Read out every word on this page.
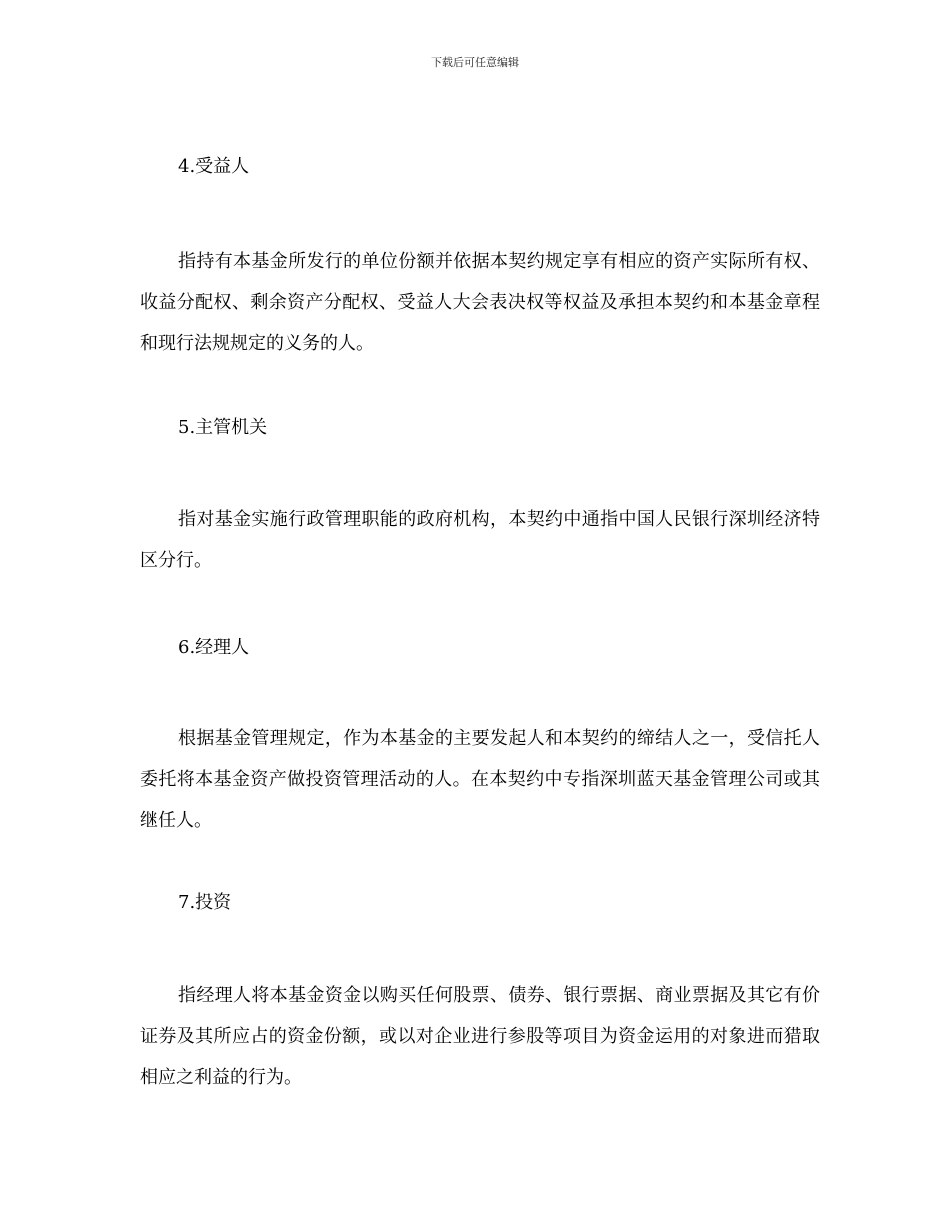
下载后可任意编辑

4.受益人

指持有本基金所发行的单位份额并依据本契约规定享有相应的资产实际所有权、收益分配权、剩余资产分配权、受益人大会表决权等权益及承担本契约和本基金章程和现行法规规定的义务的人。

5.主管机关

指对基金实施行政管理职能的政府机构，本契约中通指中国人民银行深圳经济特区分行。

6.经理人

根据基金管理规定，作为本基金的主要发起人和本契约的缔结人之一，受信托人委托将本基金资产做投资管理活动的人。在本契约中专指深圳蓝天基金管理公司或其继任人。

7.投资

指经理人将本基金资金以购买任何股票、债券、银行票据、商业票据及其它有价证券及其所应占的资金份额，或以对企业进行参股等项目为资金运用的对象进而猎取相应之利益的行为。
